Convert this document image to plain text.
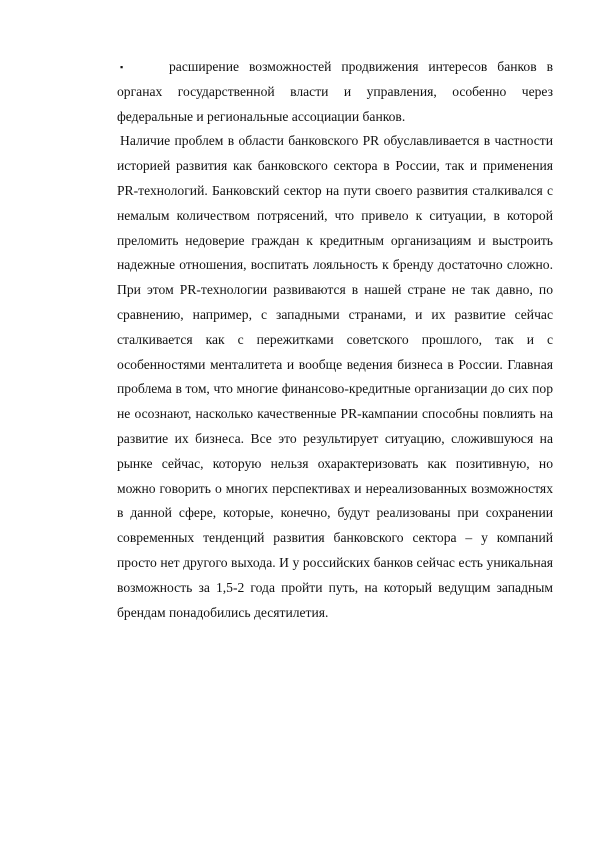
▪	расширение возможностей продвижения интересов банков в органах государственной власти и управления, особенно через федеральные и региональные ассоциации банков.

Наличие проблем в области банковского PR обуславливается в частности историей развития как банковского сектора в России, так и применения PR-технологий. Банковский сектор на пути своего развития сталкивался с немалым количеством потрясений, что привело к ситуации, в которой преломить недоверие граждан к кредитным организациям и выстроить надежные отношения, воспитать лояльность к бренду достаточно сложно. При этом PR-технологии развиваются в нашей стране не так давно, по сравнению, например, с западными странами, и их развитие сейчас сталкивается как с пережитками советского прошлого, так и с особенностями менталитета и вообще ведения бизнеса в России. Главная проблема в том, что многие финансово-кредитные организации до сих пор не осознают, насколько качественные PR-кампании способны повлиять на развитие их бизнеса. Все это результирует ситуацию, сложившуюся на рынке сейчас, которую нельзя охарактеризовать как позитивную, но можно говорить о многих перспективах и нереализованных возможностях в данной сфере, которые, конечно, будут реализованы при сохранении современных тенденций развития банковского сектора – у компаний просто нет другого выхода. И у российских банков сейчас есть уникальная возможность за 1,5-2 года пройти путь, на который ведущим западным брендам понадобились десятилетия.
